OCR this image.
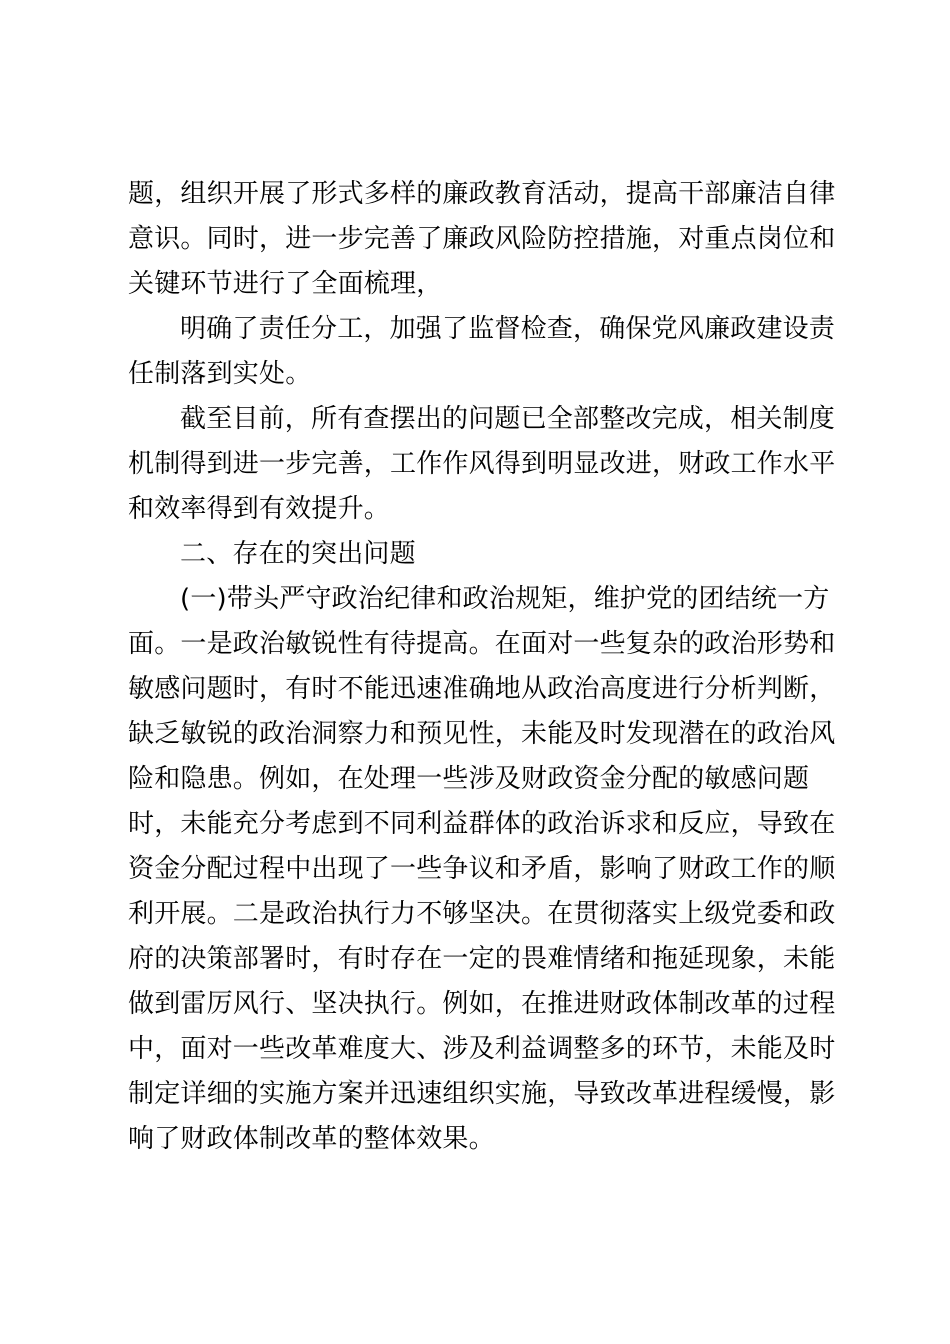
题，组织开展了形式多样的廉政教育活动，提高干部廉洁自律
意识。同时，进一步完善了廉政风险防控措施，对重点岗位和
关键环节进行了全面梳理，
明确了责任分工，加强了监督检查，确保党风廉政建设责
任制落到实处。
截至目前，所有查摆出的问题已全部整改完成，相关制度
机制得到进一步完善，工作作风得到明显改进，财政工作水平
和效率得到有效提升。
二、存在的突出问题
(一)带头严守政治纪律和政治规矩，维护党的团结统一方
面。一是政治敏锐性有待提高。在面对一些复杂的政治形势和
敏感问题时，有时不能迅速准确地从政治高度进行分析判断，
缺乏敏锐的政治洞察力和预见性，未能及时发现潜在的政治风
险和隐患。例如，在处理一些涉及财政资金分配的敏感问题
时，未能充分考虑到不同利益群体的政治诉求和反应，导致在
资金分配过程中出现了一些争议和矛盾，影响了财政工作的顺
利开展。二是政治执行力不够坚决。在贯彻落实上级党委和政
府的决策部署时，有时存在一定的畏难情绪和拖延现象，未能
做到雷厉风行、坚决执行。例如，在推进财政体制改革的过程
中，面对一些改革难度大、涉及利益调整多的环节，未能及时
制定详细的实施方案并迅速组织实施，导致改革进程缓慢，影
响了财政体制改革的整体效果。
